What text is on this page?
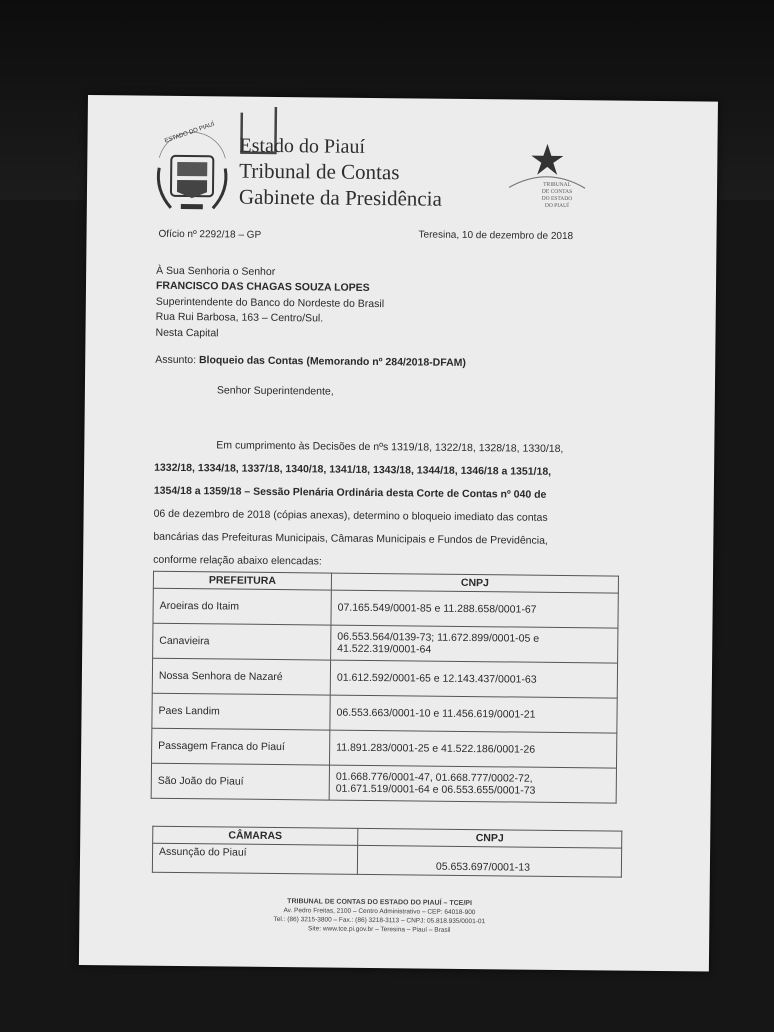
ESTADO DO PIAUÍ
Estado do Piauí
Tribunal de Contas
Gabinete da Presidência	TRIBUNAL
DE CONTAS
DO ESTADO
DO PIAUÍ
Ofício nº 2292/18 – GP	Teresina, 10 de dezembro de 2018
À Sua Senhoria o Senhor
FRANCISCO DAS CHAGAS SOUZA LOPES
Superintendente do Banco do Nordeste do Brasil
Rua Rui Barbosa, 163 – Centro/Sul.
Nesta Capital
Assunto: Bloqueio das Contas (Memorando nº 284/2018-DFAM)
Senhor Superintendente,

Em cumprimento às Decisões de nºs 1319/18, 1322/18, 1328/18, 1330/18,

1332/18, 1334/18, 1337/18, 1340/18, 1341/18, 1343/18, 1344/18, 1346/18 a 1351/18,

1354/18 a 1359/18 – Sessão Plenária Ordinária desta Corte de Contas nº 040 de

06 de dezembro de 2018 (cópias anexas), determino o bloqueio imediato das contas

bancárias das Prefeituras Municipais, Câmaras Municipais e Fundos de Previdência,

conforme relação abaixo elencadas:

PREFEITURA	CNPJ
Aroeiras do Itaim	07.165.549/0001-85 e 11.288.658/0001-67
Canavieira	06.553.564/0139-73; 11.672.899/0001-05 e 41.522.319/0001-64
Nossa Senhora de Nazaré	01.612.592/0001-65 e 12.143.437/0001-63
Paes Landim	06.553.663/0001-10 e 11.456.619/0001-21
Passagem Franca do Piauí	11.891.283/0001-25 e 41.522.186/0001-26
São João do Piauí	01.668.776/0001-47, 01.668.777/0002-72, 01.671.519/0001-64 e 06.553.655/0001-73
CÂMARAS	CNPJ
Assunção do Piauí	05.653.697/0001-13
TRIBUNAL DE CONTAS DO ESTADO DO PIAUÍ – TCE/PI
Av. Pedro Freitas, 2100 – Centro Administrativo – CEP: 64018-900
Tel.: (86) 3215-3800 – Fax.: (86) 3218-3113 – CNPJ: 05.818.935/0001-01
Site: www.tce.pi.gov.br – Teresina – Piauí – Brasil
